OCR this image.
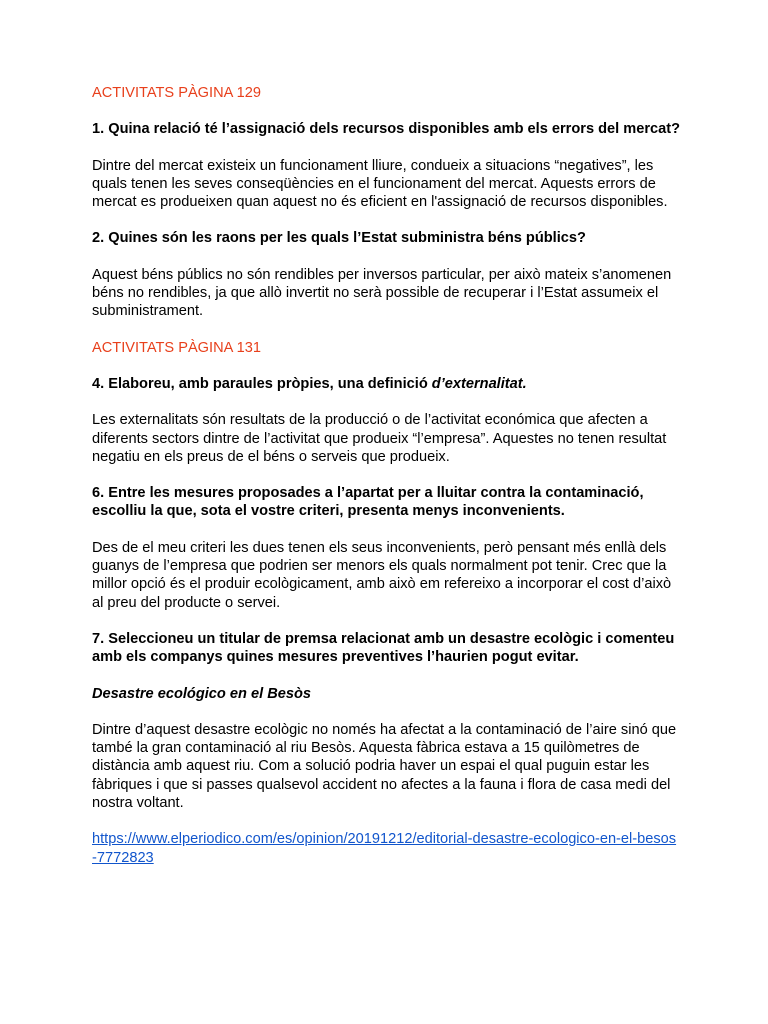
ACTIVITATS PÀGINA 129
1. Quina relació té l’assignació dels recursos disponibles amb els errors del mercat?
Dintre del mercat existeix un funcionament lliure, condueix a situacions “negatives”, les quals tenen les seves conseqüències en el funcionament del mercat. Aquests errors de mercat es produeixen quan aquest no és eficient en l'assignació de recursos disponibles.
2. Quines són les raons per les quals l’Estat subministra béns públics?
Aquest béns públics no són rendibles per inversos particular, per això mateix s’anomenen béns no rendibles, ja que allò invertit no serà possible de recuperar i l’Estat assumeix el subministrament.
ACTIVITATS PÀGINA 131
4. Elaboreu, amb paraules pròpies, una definició d’externalitat.
Les externalitats són resultats de la producció o de l’activitat económica que afecten a diferents sectors dintre de l’activitat que produeix “l’empresa”. Aquestes no tenen resultat negatiu en els preus de el béns o serveis que produeix.
6. Entre les mesures proposades a l’apartat per a lluitar contra la contaminació, escolliu la que, sota el vostre criteri, presenta menys inconvenients.
Des de el meu criteri les dues tenen els seus inconvenients, però pensant més enllà dels guanys de l’empresa que podrien ser menors els quals normalment pot tenir. Crec que la millor opció és el produir ecològicament, amb això em refereixo a incorporar el cost d’això al preu del producte o servei.
7. Seleccioneu un titular de premsa relacionat amb un desastre ecològic i comenteu amb els companys quines mesures preventives l’haurien pogut evitar.
Desastre ecológico en el Besòs
Dintre d’aquest desastre ecològic no només ha afectat a la contaminació de l’aire sinó que també la gran contaminació al riu Besòs. Aquesta fàbrica estava a 15 quilòmetres de distància amb aquest riu. Com a solució podria haver un espai el qual puguin estar les fàbriques i que si passes qualsevol accident no afectes a la fauna i flora de casa medi del nostra voltant.
https://www.elperiodico.com/es/opinion/20191212/editorial-desastre-ecologico-en-el-besos-7772823
